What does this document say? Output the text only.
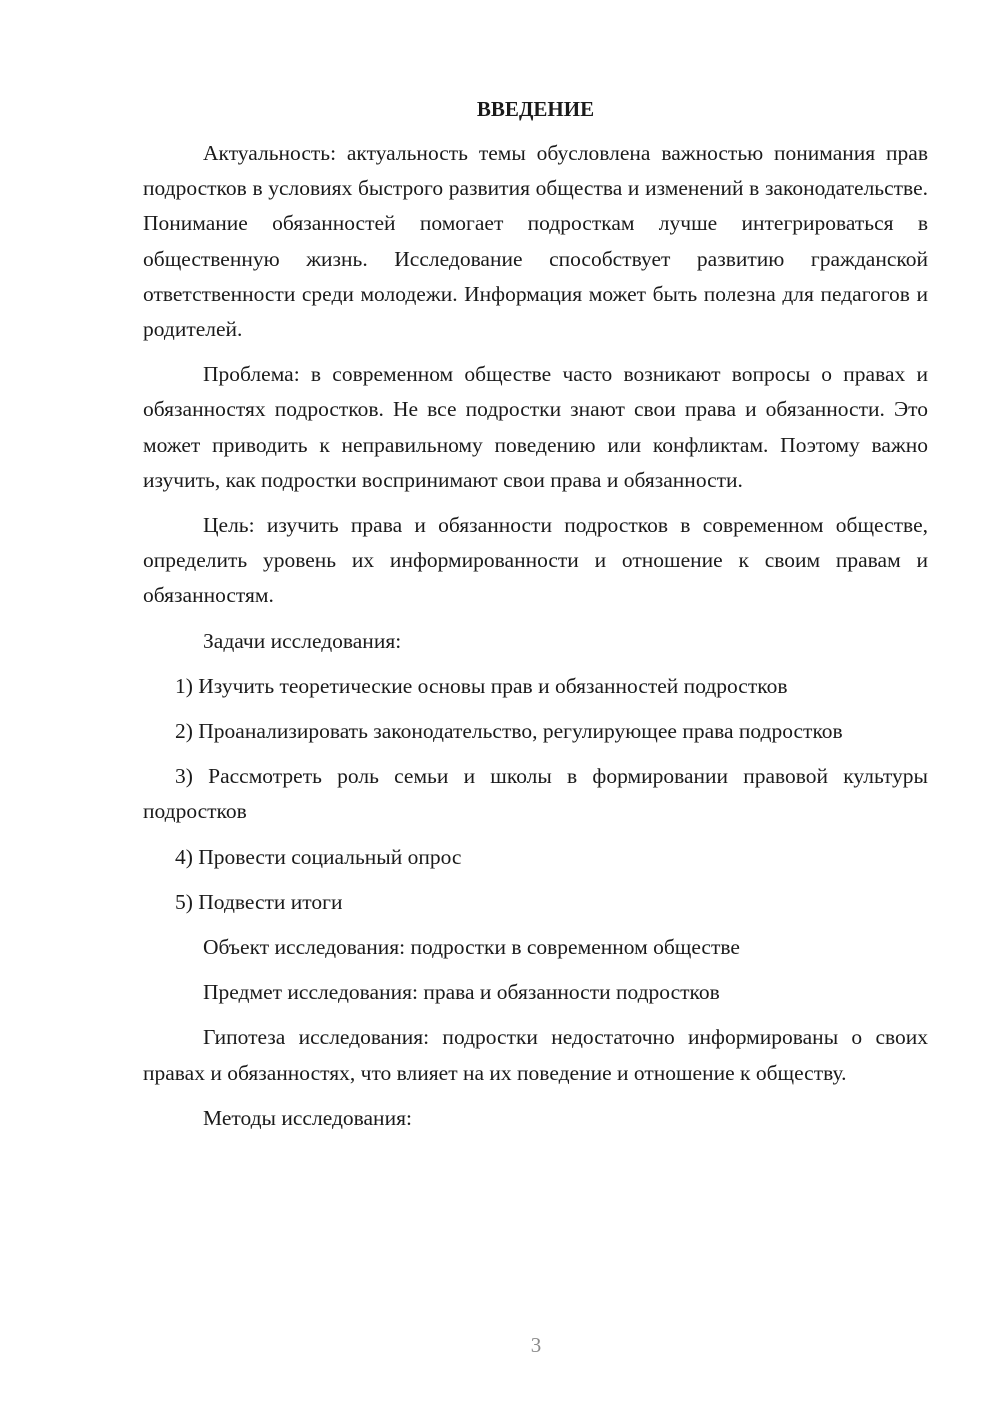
ВВЕДЕНИЕ

Актуальность: актуальность темы обусловлена важностью понимания прав подростков в условиях быстрого развития общества и изменений в законодательстве. Понимание обязанностей помогает подросткам лучше интегрироваться в общественную жизнь. Исследование способствует развитию гражданской ответственности среди молодежи. Информация может быть полезна для педагогов и родителей.

Проблема: в современном обществе часто возникают вопросы о правах и обязанностях подростков. Не все подростки знают свои права и обязанности. Это может приводить к неправильному поведению или конфликтам. Поэтому важно изучить, как подростки воспринимают свои права и обязанности.

Цель: изучить права и обязанности подростков в современном обществе, определить уровень их информированности и отношение к своим правам и обязанностям.

Задачи исследования:

1) Изучить теоретические основы прав и обязанностей подростков

2) Проанализировать законодательство, регулирующее права подростков

3) Рассмотреть роль семьи и школы в формировании правовой культуры подростков

4) Провести социальный опрос

5) Подвести итоги

Объект исследования: подростки в современном обществе

Предмет исследования: права и обязанности подростков

Гипотеза исследования: подростки недостаточно информированы о своих правах и обязанностях, что влияет на их поведение и отношение к обществу.

Методы исследования:

3
